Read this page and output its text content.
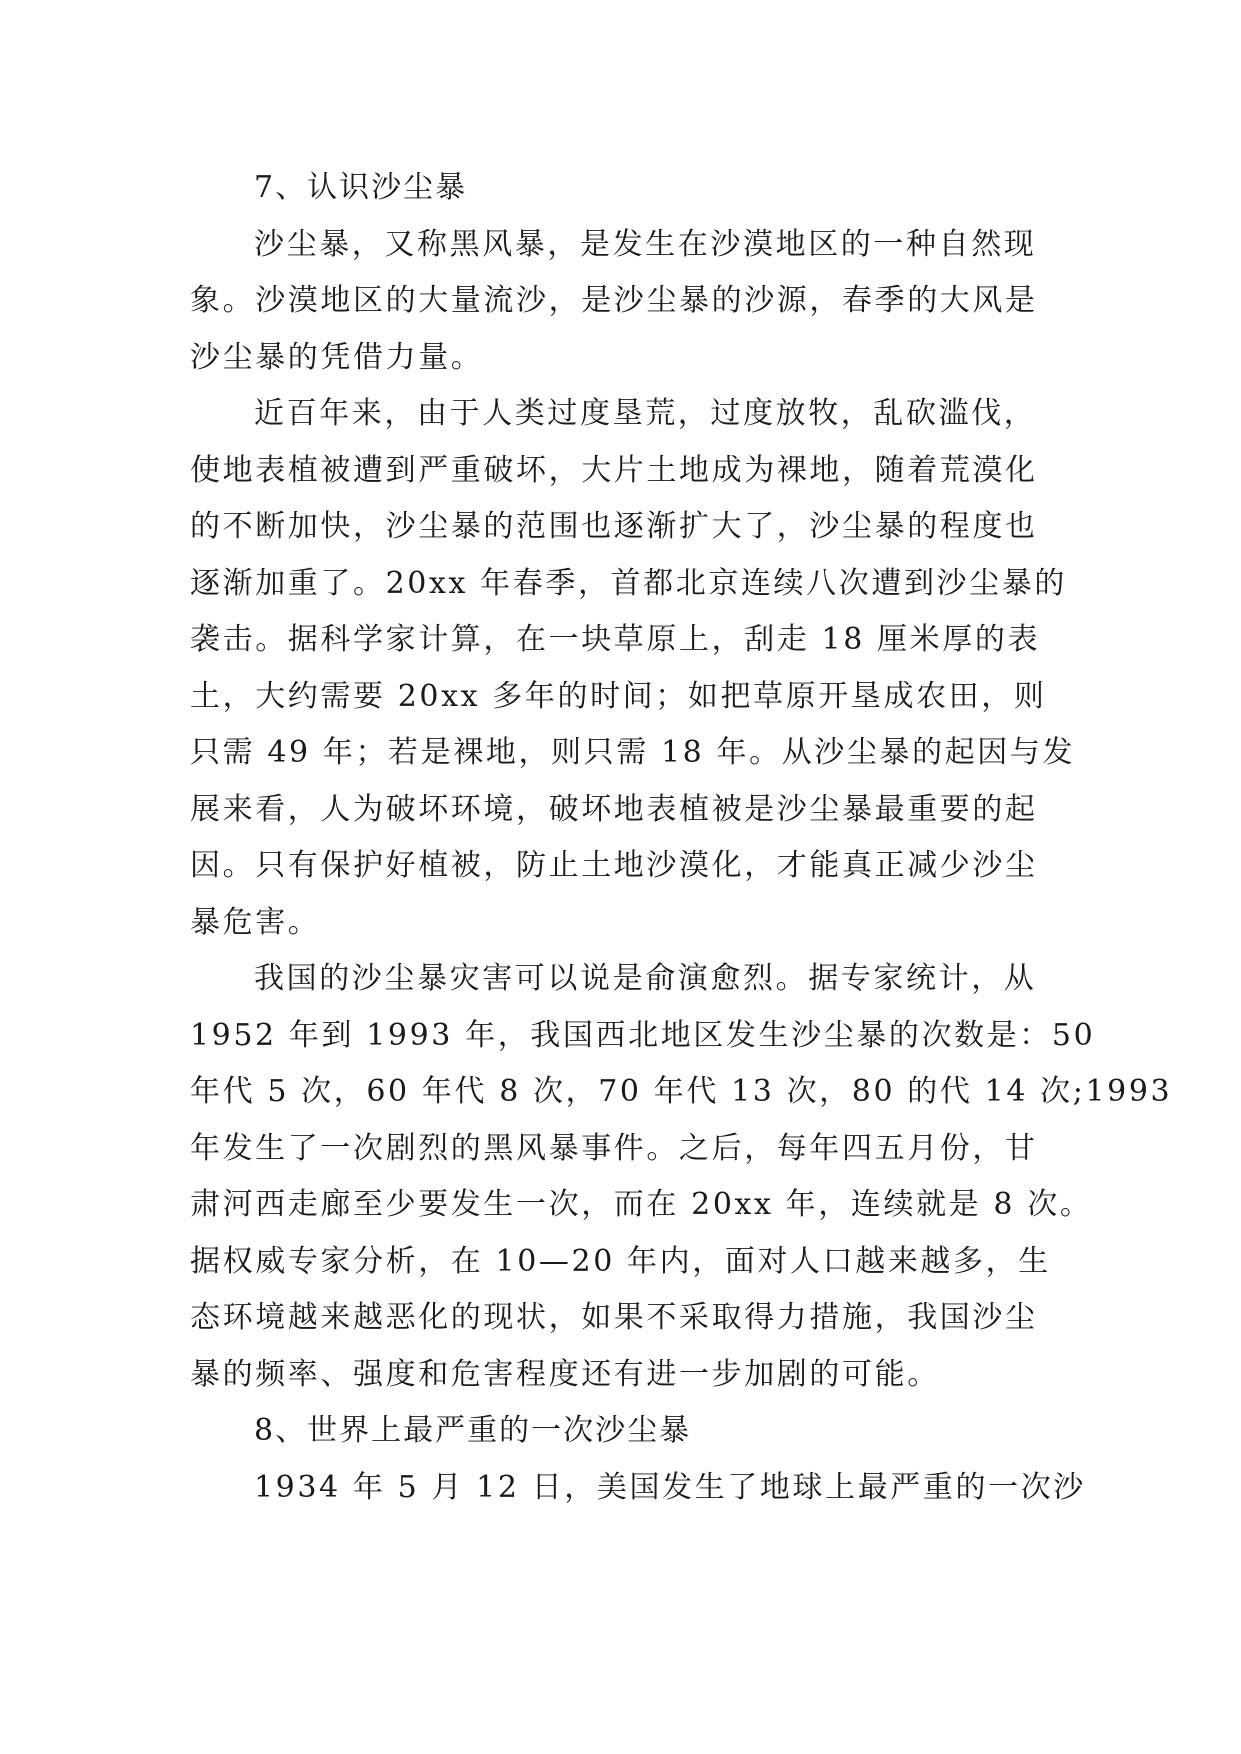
7、认识沙尘暴
沙尘暴，又称黑风暴，是发生在沙漠地区的一种自然现
象。沙漠地区的大量流沙，是沙尘暴的沙源，春季的大风是
沙尘暴的凭借力量。
近百年来，由于人类过度垦荒，过度放牧，乱砍滥伐，
使地表植被遭到严重破坏，大片土地成为裸地，随着荒漠化
的不断加快，沙尘暴的范围也逐渐扩大了，沙尘暴的程度也
逐渐加重了。20xx 年春季，首都北京连续八次遭到沙尘暴的
袭击。据科学家计算，在一块草原上，刮走 18 厘米厚的表
土，大约需要 20xx 多年的时间；如把草原开垦成农田，则
只需 49 年；若是裸地，则只需 18 年。从沙尘暴的起因与发
展来看，人为破坏环境，破坏地表植被是沙尘暴最重要的起
因。只有保护好植被，防止土地沙漠化，才能真正减少沙尘
暴危害。
我国的沙尘暴灾害可以说是俞演愈烈。据专家统计，从
1952 年到 1993 年，我国西北地区发生沙尘暴的次数是：50
年代 5 次，60 年代 8 次，70 年代 13 次，80 的代 14 次;1993
年发生了一次剧烈的黑风暴事件。之后，每年四五月份，甘
肃河西走廊至少要发生一次，而在 20xx 年，连续就是 8 次。
据权威专家分析，在 10—20 年内，面对人口越来越多，生
态环境越来越恶化的现状，如果不采取得力措施，我国沙尘
暴的频率、强度和危害程度还有进一步加剧的可能。
8、世界上最严重的一次沙尘暴
1934 年 5 月 12 日，美国发生了地球上最严重的一次沙
